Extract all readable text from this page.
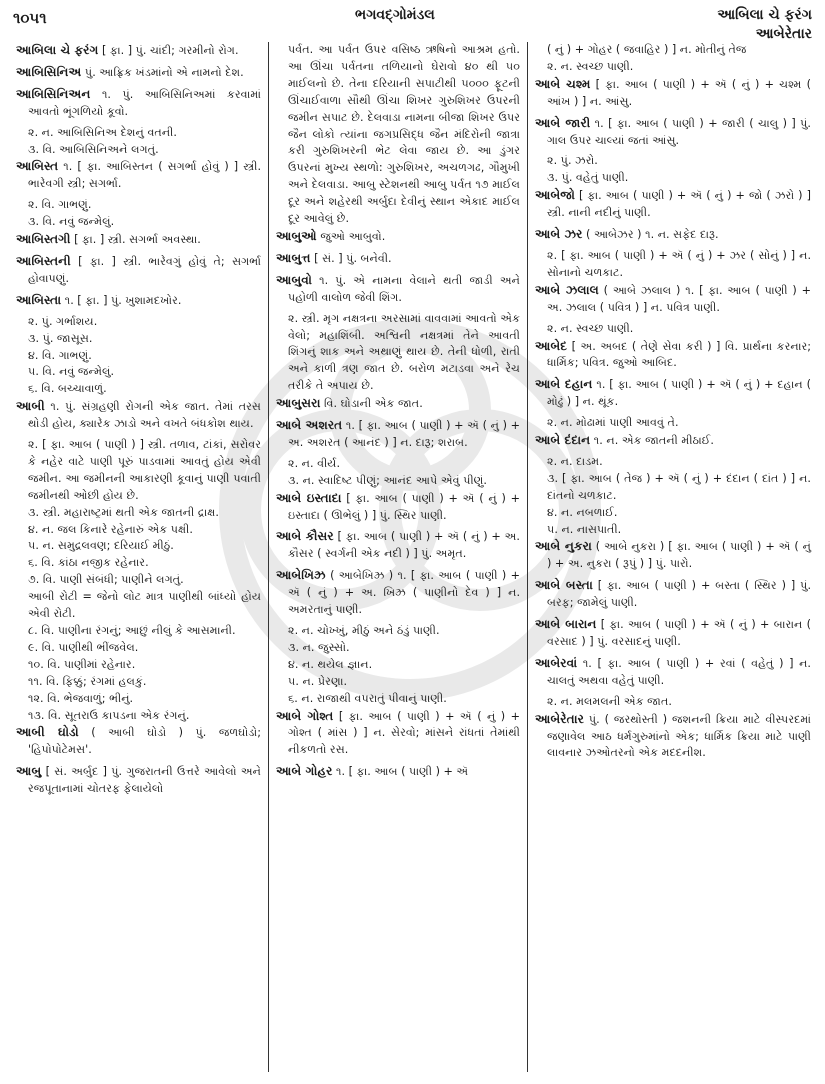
૧૦૫૧	ભગવદ્ગોમંડલ	આબિલા ચે ફરંગ
આબેરેતાર

આબિલા ચે ફરંગ [ ફા. ] પું. ચાંદી; ગરમીનો રોગ.

આબિસિનિઅ પું. આફ્રિક ખંડમાંનો એ નામનો દેશ.

આબિસિનિઅન ૧. પું. આબિસિનિઅમાં કરવામાં આવતો ભૂંગળિયો કૂવો.

૨. ન. આબિસિનિઅ દેશનું વતની.

૩. વિ. આબિસિનિઅને લગતું.

આબિસ્ત ૧. [ ફા. આબિસ્તન ( સગર્ભા હોવું ) ] સ્ત્રી. ભારેવગી સ્ત્રી; સગર્ભા.

૨. વિ. ગાભણું.

૩. વિ. નવું જન્મેલું.

આબિસ્તગી [ ફા. ] સ્ત્રી. સગર્ભા અવસ્થા.

આબિસ્તની [ ફા. ] સ્ત્રી. ભારેવગું હોવું તે; સગર્ભા હોવાપણું.

આબિસ્તા ૧. [ ફા. ] પું. ખુશામદખોર.

૨. પું. ગર્ભાશય.

૩. પું. જાસૂસ.

૪. વિ. ગાભણું.

૫. વિ. નવું જન્મેલું.

૬. વિ. બચ્ચાવાળું.

આબી ૧. પું. સંગ્રહણી રોગની એક જાત. તેમાં તરસ થોડી હોય, ક્યારેક ઝાડો અને વખતે બંધકોશ થાય.

૨. [ ફા. આબ ( પાણી ) ] સ્ત્રી. તળાવ, ટાંકાં, સરોવર કે નહેર વાટે પાણી પૂરું પાડવામાં આવતું હોય એવી જમીન. આ જમીનની આકારણી કૂવાનું પાણી પવાતી જમીનથી ઓછી હોય છે.

૩. સ્ત્રી. મહારાષ્ટ્રમાં થતી એક જાતની દ્રાક્ષ.

૪. ન. જલ કિનારે રહેનારું એક પક્ષી.

૫. ન. સમુદ્રલવણ; દરિયાઈ મીઠું.

૬. વિ. કાંઠા નજીક રહેનાર.

૭. વિ. પાણી સંબંધી; પાણીને લગતું.

આબી રોટી = જેનો લોટ માત્ર પાણીથી બાંધ્યો હોય એવી રોટી.

૮. વિ. પાણીના રંગનું; આછું નીલું કે આસમાની.

૯. વિ. પાણીથી ભીંજવેલ.

૧૦. વિ. પાણીમાં રહેનાર.

૧૧. વિ. ફિક્કું; રંગમાં હલકું.

૧૨. વિ. ભેજવાળું; ભીનું.

૧૩. વિ. સૂતરાઉ કાપડના એક રંગનું.

આબી ઘોડો ( આબી ઘોડો ) પું. જળઘોડો; 'હિપોપોટેમસ'.

આબુ [ સં. અર્બુદ ] પું. ગુજરાતની ઉત્તરે આવેલો અને રજપૂતાનામાં ચોતરફ ફેલાયેલો

પર્વત. આ પર્વત ઉપર વસિષ્ઠ ઋષિનો આશ્રમ હતો. આ ઊંચા પર્વતના તળિયાનો ઘેરાવો ૪૦ થી ૫૦ માઈલનો છે. તેના દરિયાની સપાટીથી ૫૦૦૦ ફૂટની ઊંચાઈવાળા સૌથી ઊંચા શિખર ગુરુશિખર ઉપરની જમીન સપાટ છે. દેલવાડા નામના બીજા શિખર ઉપર જૈન લોકો ત્યાંના જગપ્રસિદ્ધ જૈન મંદિરોની જાત્રા કરી ગુરુશિખરની ભેટ લેવા જાય છે. આ ડુંગર ઉપરનાં મુખ્ય સ્થળો: ગુરુશિખર, અચળગઢ, ગૌમુખી અને દેલવાડા. આબુ સ્ટેશનથી આબુ પર્વત ૧૭ માઈલ દૂર અને શહેરથી અર્બુદા દેવીનું સ્થાન એકાદ માઈલ દૂર આવેલું છે.

આબુઓ જુઓ આબુવો.

આબુત્ત [ સં. ] પું. બનેવી.

આબુવો ૧. પું. એ નામના વેલાને થતી જાડી અને પહોળી વાલોળ જેવી શિંગ.

૨. સ્ત્રી. મૃગ નક્ષત્રના અરસામાં વાવવામાં આવતો એક વેલો; મહાશિંબી. અશ્વિની નક્ષત્રમાં તેને આવતી શિંગનું શાક અને અથાણું થાય છે. તેની ધોળી, રાતી અને કાળી ત્રણ જાત છે. બરોળ મટાડવા અને રેચ તરીકે તે અપાય છે.

આબુસરા વિ. ઘોડાની એક જાત.

આબે અશરત ૧. [ ફા. આબ ( પાણી ) + ઍ ( નું ) + અ. અશરત ( આનંદ ) ] ન. દારૂ; શરાબ.

૨. ન. વીર્ય.

૩. ન. સ્વાદિષ્ટ પીણું; આનંદ આપે એવું પીણું.

આબે ઇસ્તાદા [ ફા. આબ ( પાણી ) + ઍ ( નું ) + ઇસ્તાદા ( ઊભેલું ) ] પું. સ્થિર પાણી.

આબે કૌસર [ ફા. આબ ( પાણી ) + ઍ ( નું ) + અ. કૌસર ( સ્વર્ગની એક નદી ) ] પું. અમૃત.

આબેખિઝ્ર ( આબેખિઝ્ર ) ૧. [ ફા. આબ ( પાણી ) + ઍ ( નું ) + અ. ખિઝ્ર ( પાણીનો દેવ ) ] ન. અમરતાનું પાણી.

૨. ન. ચોખ્ખું, મીઠું અને ઠંડું પાણી.

૩. ન. જુસ્સો.

૪. ન. થયેલ જ્ઞાન.

૫. ન. પ્રેરણા.

૬. ન. રાજાથી વપરાતું પીવાનું પાણી.

આબે ગોશ્ત [ ફા. આબ ( પાણી ) + ઍ ( નું ) + ગોશ્ત ( માંસ ) ] ન. સેરવો; માંસને રાંધતાં તેમાંથી નીકળતો રસ.

આબે ગોહર ૧. [ ફા. આબ ( પાણી ) + ઍ

( નું ) + ગોહર ( જવાહિર ) ] ન. મોતીનું તેજ

૨. ન. સ્વચ્છ પાણી.

આબે ચશ્મ [ ફા. આબ ( પાણી ) + ઍ ( નું ) + ચશ્મ ( આંખ ) ] ન. આંસુ.

આબે જારી ૧. [ ફા. આબ ( પાણી ) + જારી ( ચાલુ ) ] પું. ગાલ ઉપર ચાલ્યાં જતાં આંસુ.

૨. પું. ઝરો.

૩. પું. વહેતું પાણી.

આબેજો [ ફા. આબ ( પાણી ) + ઍ ( નું ) + જો ( ઝરો ) ] સ્ત્રી. નાની નદીનું પાણી.

આબે ઝર ( આબેઝર ) ૧. ન. સફેદ દારૂ.

૨. [ ફા. આબ ( પાણી ) + ઍ ( નું ) + ઝર ( સોનું ) ] ન. સોનાનો ચળકાટ.

આબે ઝલાલ ( આબે ઝલાલ ) ૧. [ ફા. આબ ( પાણી ) + અ. ઝલાલ ( પવિત્ર ) ] ન. પવિત્ર પાણી.

૨. ન. સ્વચ્છ પાણી.

આબેદ [ અ. અબદ ( તેણે સેવા કરી ) ] વિ. પ્રાર્થના કરનાર; ધાર્મિક; પવિત્ર. જુઓ આબિદ.

આબે દહાન ૧. [ ફા. આબ ( પાણી ) + ઍ ( નું ) + દહાન ( મોઢું ) ] ન. થૂંક.

૨. ન. મોઢામાં પાણી આવવું તે.

આબે દંદાન ૧. ન. એક જાતની મીઠાઈ.

૨. ન. દાડમ.

૩. [ ફા. આબ ( તેજ ) + ઍ ( નું ) + દંદાન ( દાંત ) ] ન. દાંતનો ચળકાટ.

૪. ન. નબળાઈ.

૫. ન. નાસપાતી.

આબે નુકરા ( આબે નુકરા ) [ ફા. આબ ( પાણી ) + ઍ ( નું ) + અ. નુકરા ( રૂપું ) ] પું. પારો.

આબે બસ્તા [ ફા. આબ ( પાણી ) + બસ્તા ( સ્થિર ) ] પું. બરફ; જામેલું પાણી.

આબે બારાન [ ફા. આબ ( પાણી ) + ઍ ( નું ) + બારાન ( વરસાદ ) ] પું. વરસાદનું પાણી.

આબેરવાં ૧. [ ફા. આબ ( પાણી ) + રવાં ( વહેતું ) ] ન. ચાલતું અથવા વહેતું પાણી.

૨. ન. મલમલની એક જાત.

આબેરેતાર પું. ( જરથોસ્તી ) જશનની ક્રિયા માટે વીસ્પરદમાં જણાવેલ આઠ ધર્મગુરુમાંનો એક; ધાર્મિક ક્રિયા માટે પાણી લાવનાર ઝઓતરનો એક મદદનીશ.
